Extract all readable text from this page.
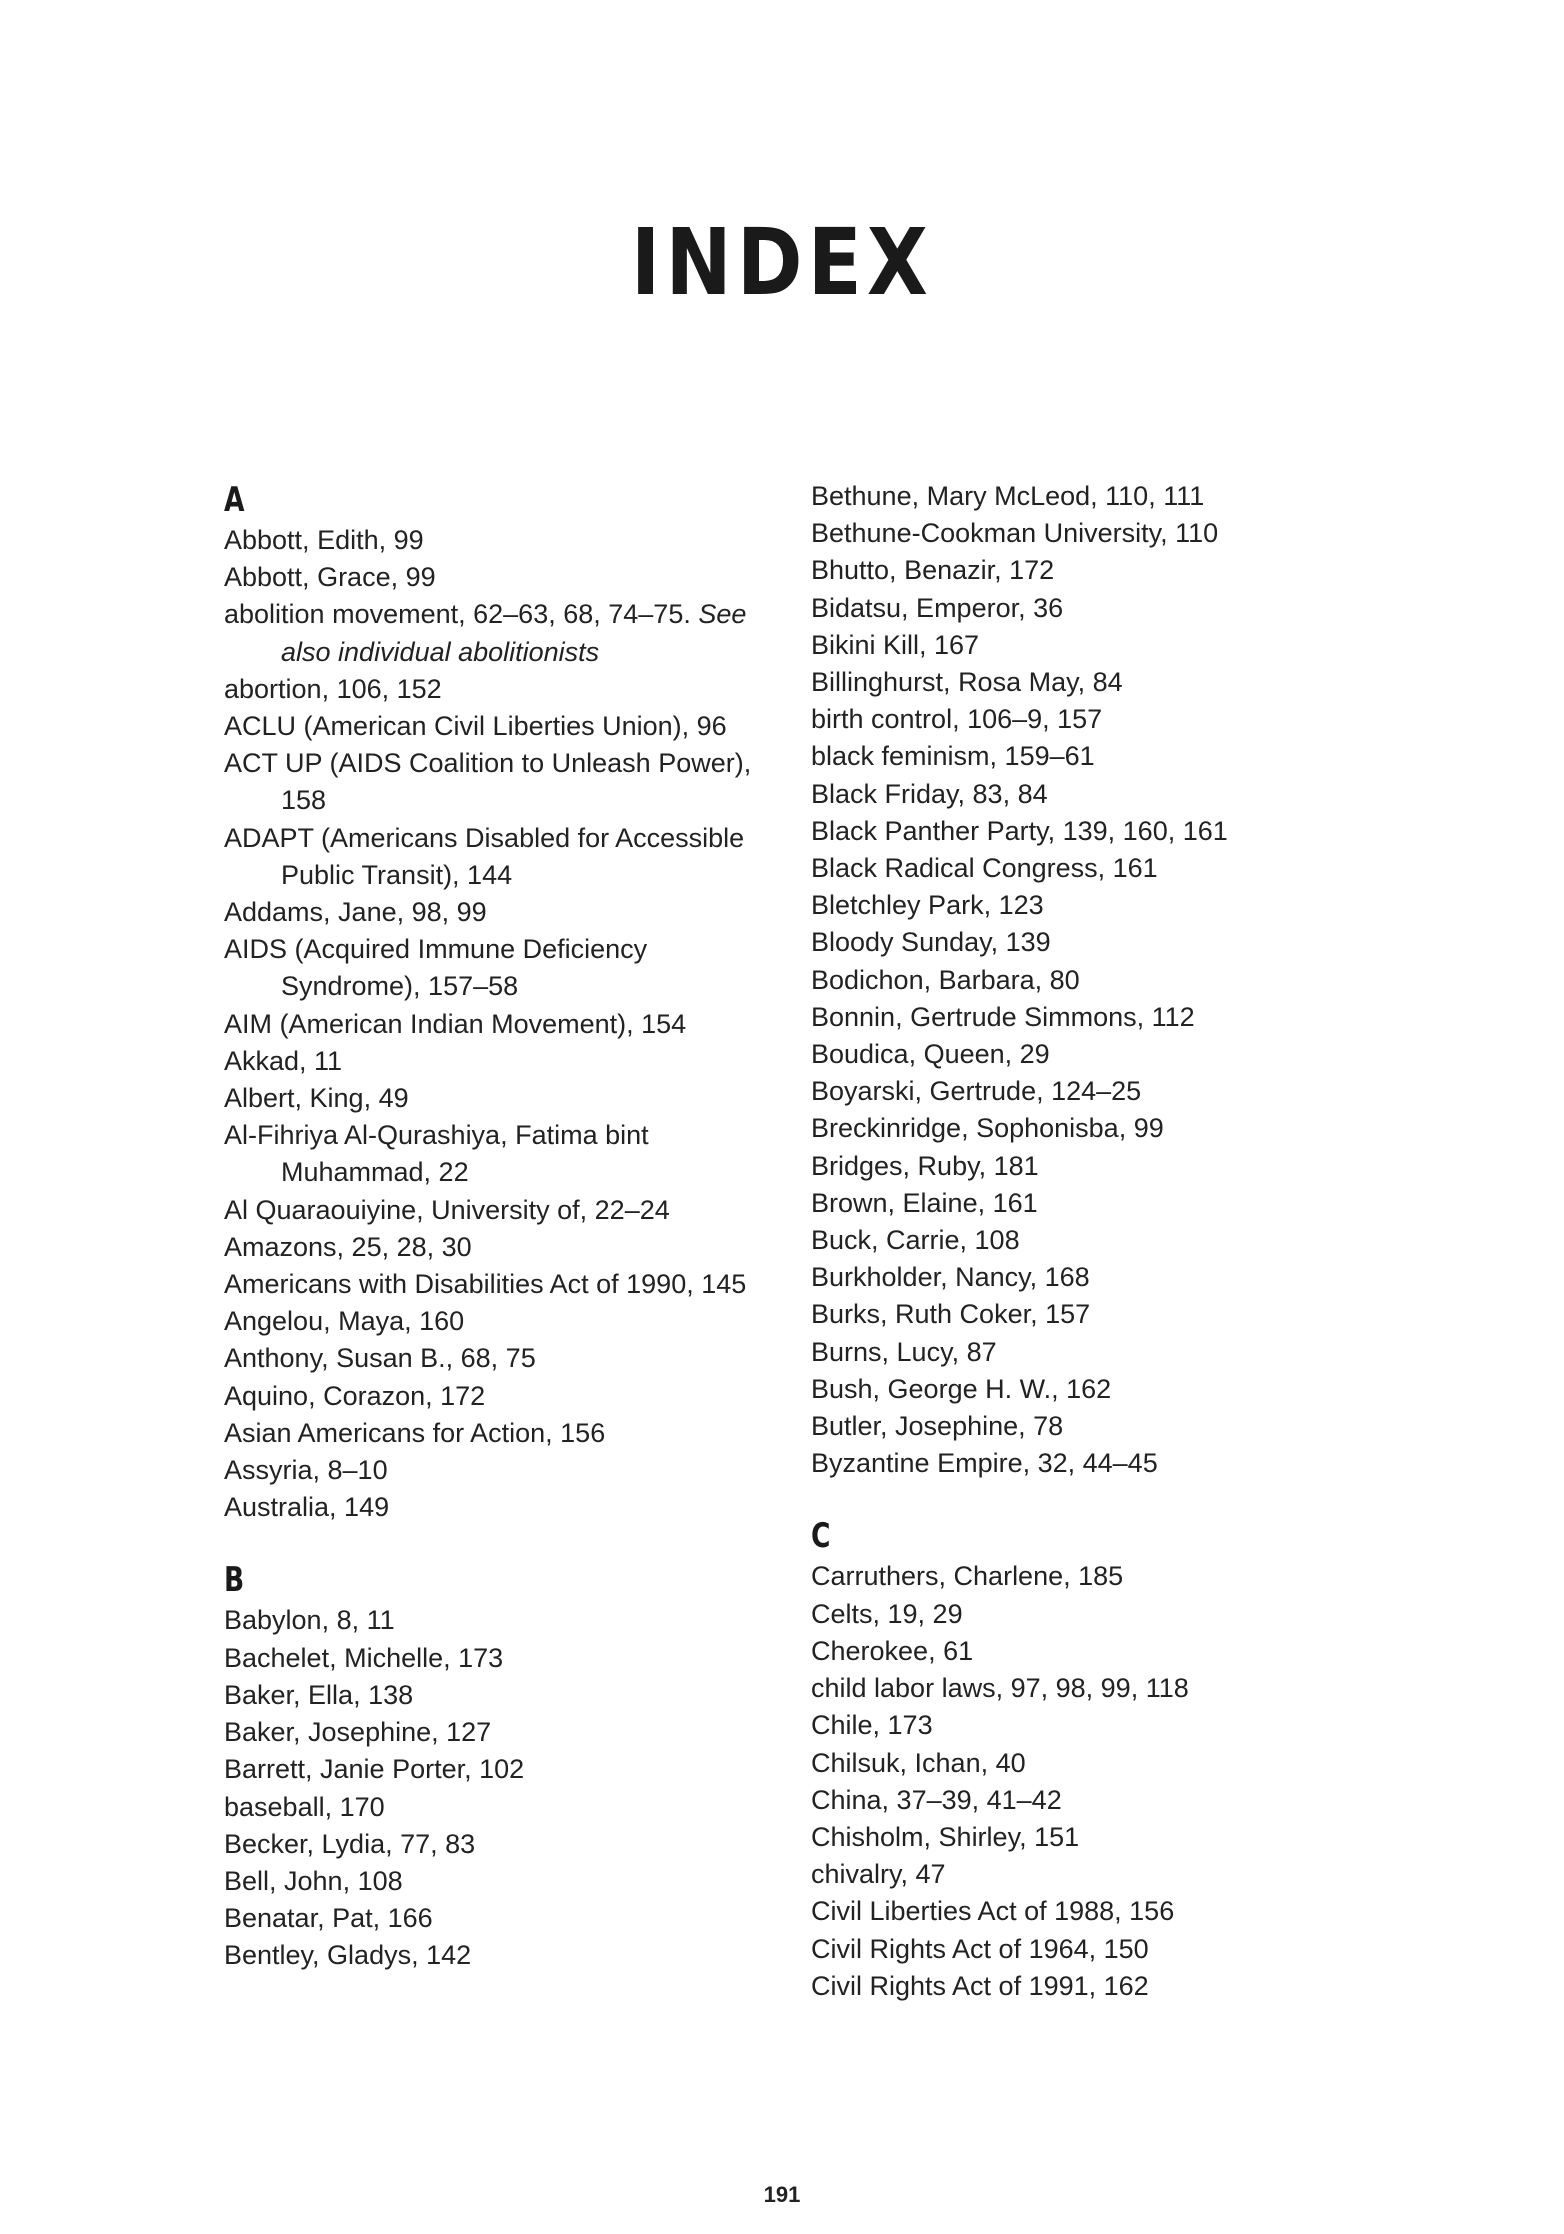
INDEX
A
Abbott, Edith, 99
Abbott, Grace, 99
abolition movement, 62–63, 68, 74–75. See also individual abolitionists
abortion, 106, 152
ACLU (American Civil Liberties Union), 96
ACT UP (AIDS Coalition to Unleash Power), 158
ADAPT (Americans Disabled for Accessible Public Transit), 144
Addams, Jane, 98, 99
AIDS (Acquired Immune Deficiency Syndrome), 157–58
AIM (American Indian Movement), 154
Akkad, 11
Albert, King, 49
Al-Fihriya Al-Qurashiya, Fatima bint Muhammad, 22
Al Quaraouiyine, University of, 22–24
Amazons, 25, 28, 30
Americans with Disabilities Act of 1990, 145
Angelou, Maya, 160
Anthony, Susan B., 68, 75
Aquino, Corazon, 172
Asian Americans for Action, 156
Assyria, 8–10
Australia, 149
B
Babylon, 8, 11
Bachelet, Michelle, 173
Baker, Ella, 138
Baker, Josephine, 127
Barrett, Janie Porter, 102
baseball, 170
Becker, Lydia, 77, 83
Bell, John, 108
Benatar, Pat, 166
Bentley, Gladys, 142
Bethune, Mary McLeod, 110, 111
Bethune-Cookman University, 110
Bhutto, Benazir, 172
Bidatsu, Emperor, 36
Bikini Kill, 167
Billinghurst, Rosa May, 84
birth control, 106–9, 157
black feminism, 159–61
Black Friday, 83, 84
Black Panther Party, 139, 160, 161
Black Radical Congress, 161
Bletchley Park, 123
Bloody Sunday, 139
Bodichon, Barbara, 80
Bonnin, Gertrude Simmons, 112
Boudica, Queen, 29
Boyarski, Gertrude, 124–25
Breckinridge, Sophonisba, 99
Bridges, Ruby, 181
Brown, Elaine, 161
Buck, Carrie, 108
Burkholder, Nancy, 168
Burks, Ruth Coker, 157
Burns, Lucy, 87
Bush, George H. W., 162
Butler, Josephine, 78
Byzantine Empire, 32, 44–45
C
Carruthers, Charlene, 185
Celts, 19, 29
Cherokee, 61
child labor laws, 97, 98, 99, 118
Chile, 173
Chilsuk, Ichan, 40
China, 37–39, 41–42
Chisholm, Shirley, 151
chivalry, 47
Civil Liberties Act of 1988, 156
Civil Rights Act of 1964, 150
Civil Rights Act of 1991, 162
191
